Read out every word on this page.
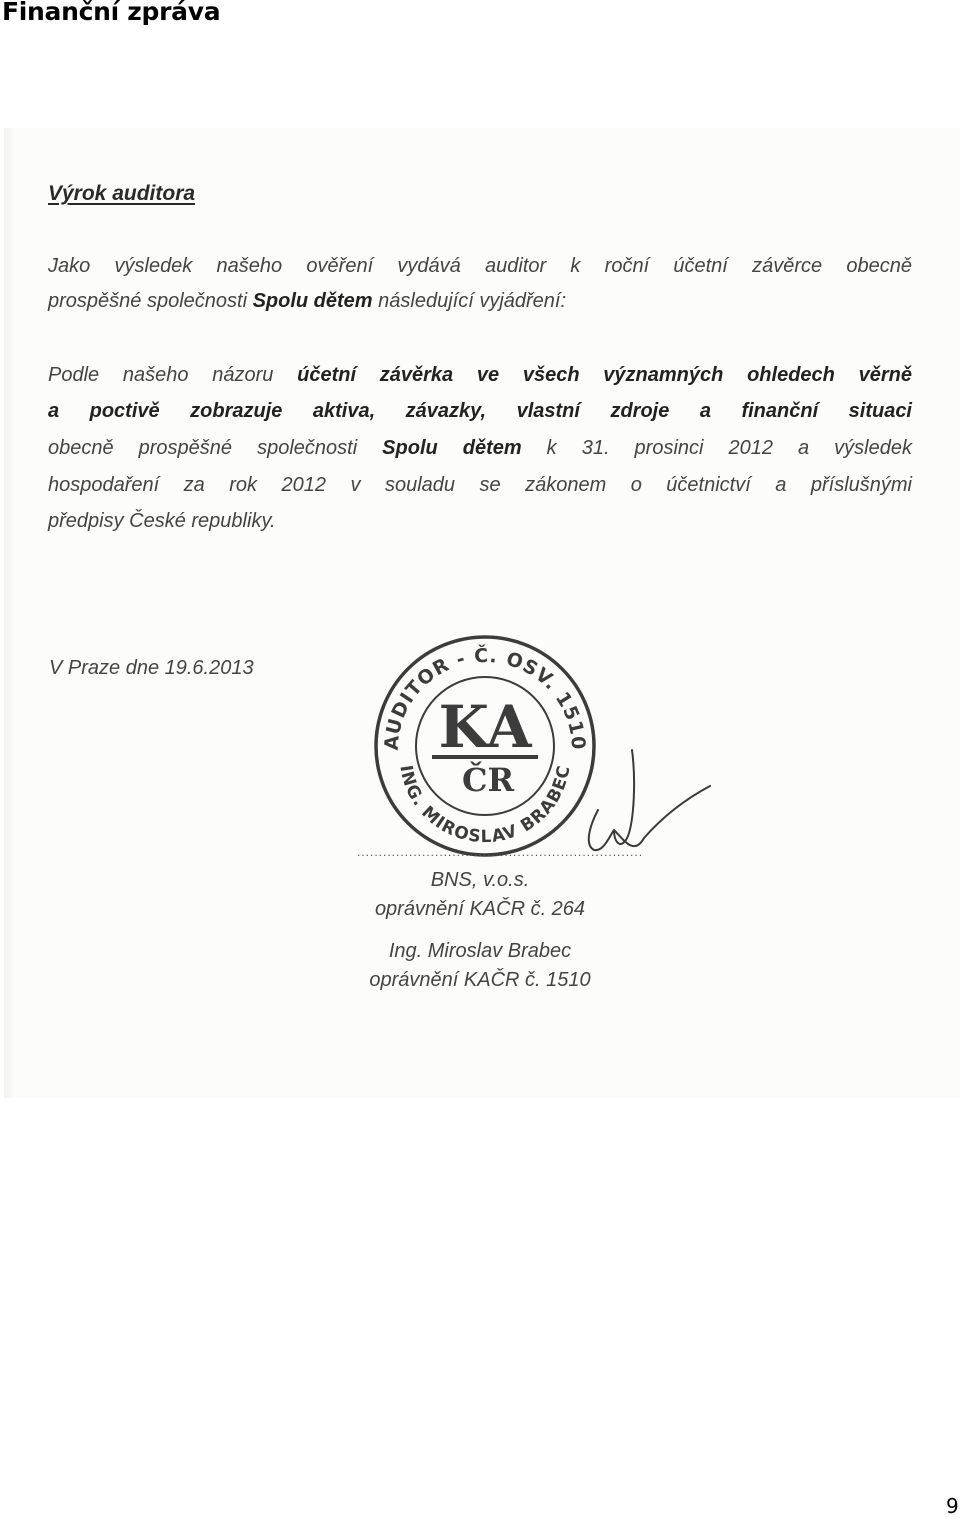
Finanční zpráva
Výrok auditora
Jako výsledek našeho ověření vydává auditor k roční účetní závěrce obecně
prospěšné společnosti Spolu dětem následující vyjádření:
Podle našeho názoru účetní závěrka ve všech významných ohledech věrně
a poctivě zobrazuje aktiva, závazky, vlastní zdroje a finanční situaci
obecně prospěšné společnosti Spolu dětem k 31. prosinci 2012 a výsledek
hospodaření za rok 2012 v souladu se zákonem o účetnictví a příslušnými
předpisy České republiky.
V Praze dne 19.6.2013
AUDITOR - Č. OSV. 1510
ING. MIROSLAV BRABEC
KA
ČR
..................................................................
BNS, v.o.s.
oprávnění KAČR č. 264
Ing. Miroslav Brabec
oprávnění KAČR č. 1510
9
